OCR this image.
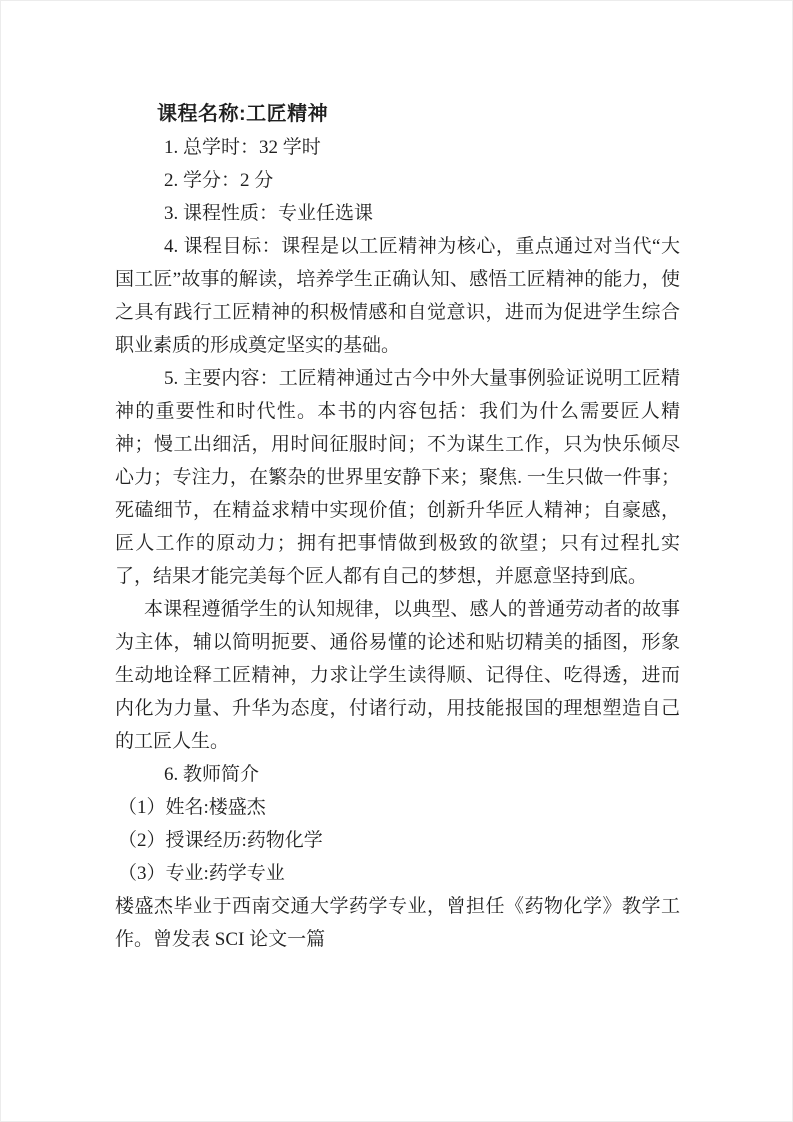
课程名称:工匠精神

1. 总学时：32 学时

2. 学分：2 分

3. 课程性质：专业任选课

4. 课程目标：课程是以工匠精神为核心，重点通过对当代“大国工匠”故事的解读，培养学生正确认知、感悟工匠精神的能力，使之具有践行工匠精神的积极情感和自觉意识，进而为促进学生综合职业素质的形成奠定坚实的基础。

5. 主要内容：工匠精神通过古今中外大量事例验证说明工匠精神的重要性和时代性。本书的内容包括：我们为什么需要匠人精神；慢工出细活，用时间征服时间；不为谋生工作，只为快乐倾尽心力；专注力，在繁杂的世界里安静下来；聚焦. 一生只做一件事；死磕细节，在精益求精中实现价值；创新升华匠人精神；自豪感，匠人工作的原动力；拥有把事情做到极致的欲望；只有过程扎实了，结果才能完美每个匠人都有自己的梦想，并愿意坚持到底。

本课程遵循学生的认知规律，以典型、感人的普通劳动者的故事为主体，辅以简明扼要、通俗易懂的论述和贴切精美的插图，形象生动地诠释工匠精神，力求让学生读得顺、记得住、吃得透，进而内化为力量、升华为态度，付诸行动，用技能报国的理想塑造自己的工匠人生。

6. 教师简介

（1）姓名:楼盛杰

（2）授课经历:药物化学

（3）专业:药学专业

楼盛杰毕业于西南交通大学药学专业，曾担任《药物化学》教学工作。曾发表 SCI 论文一篇
